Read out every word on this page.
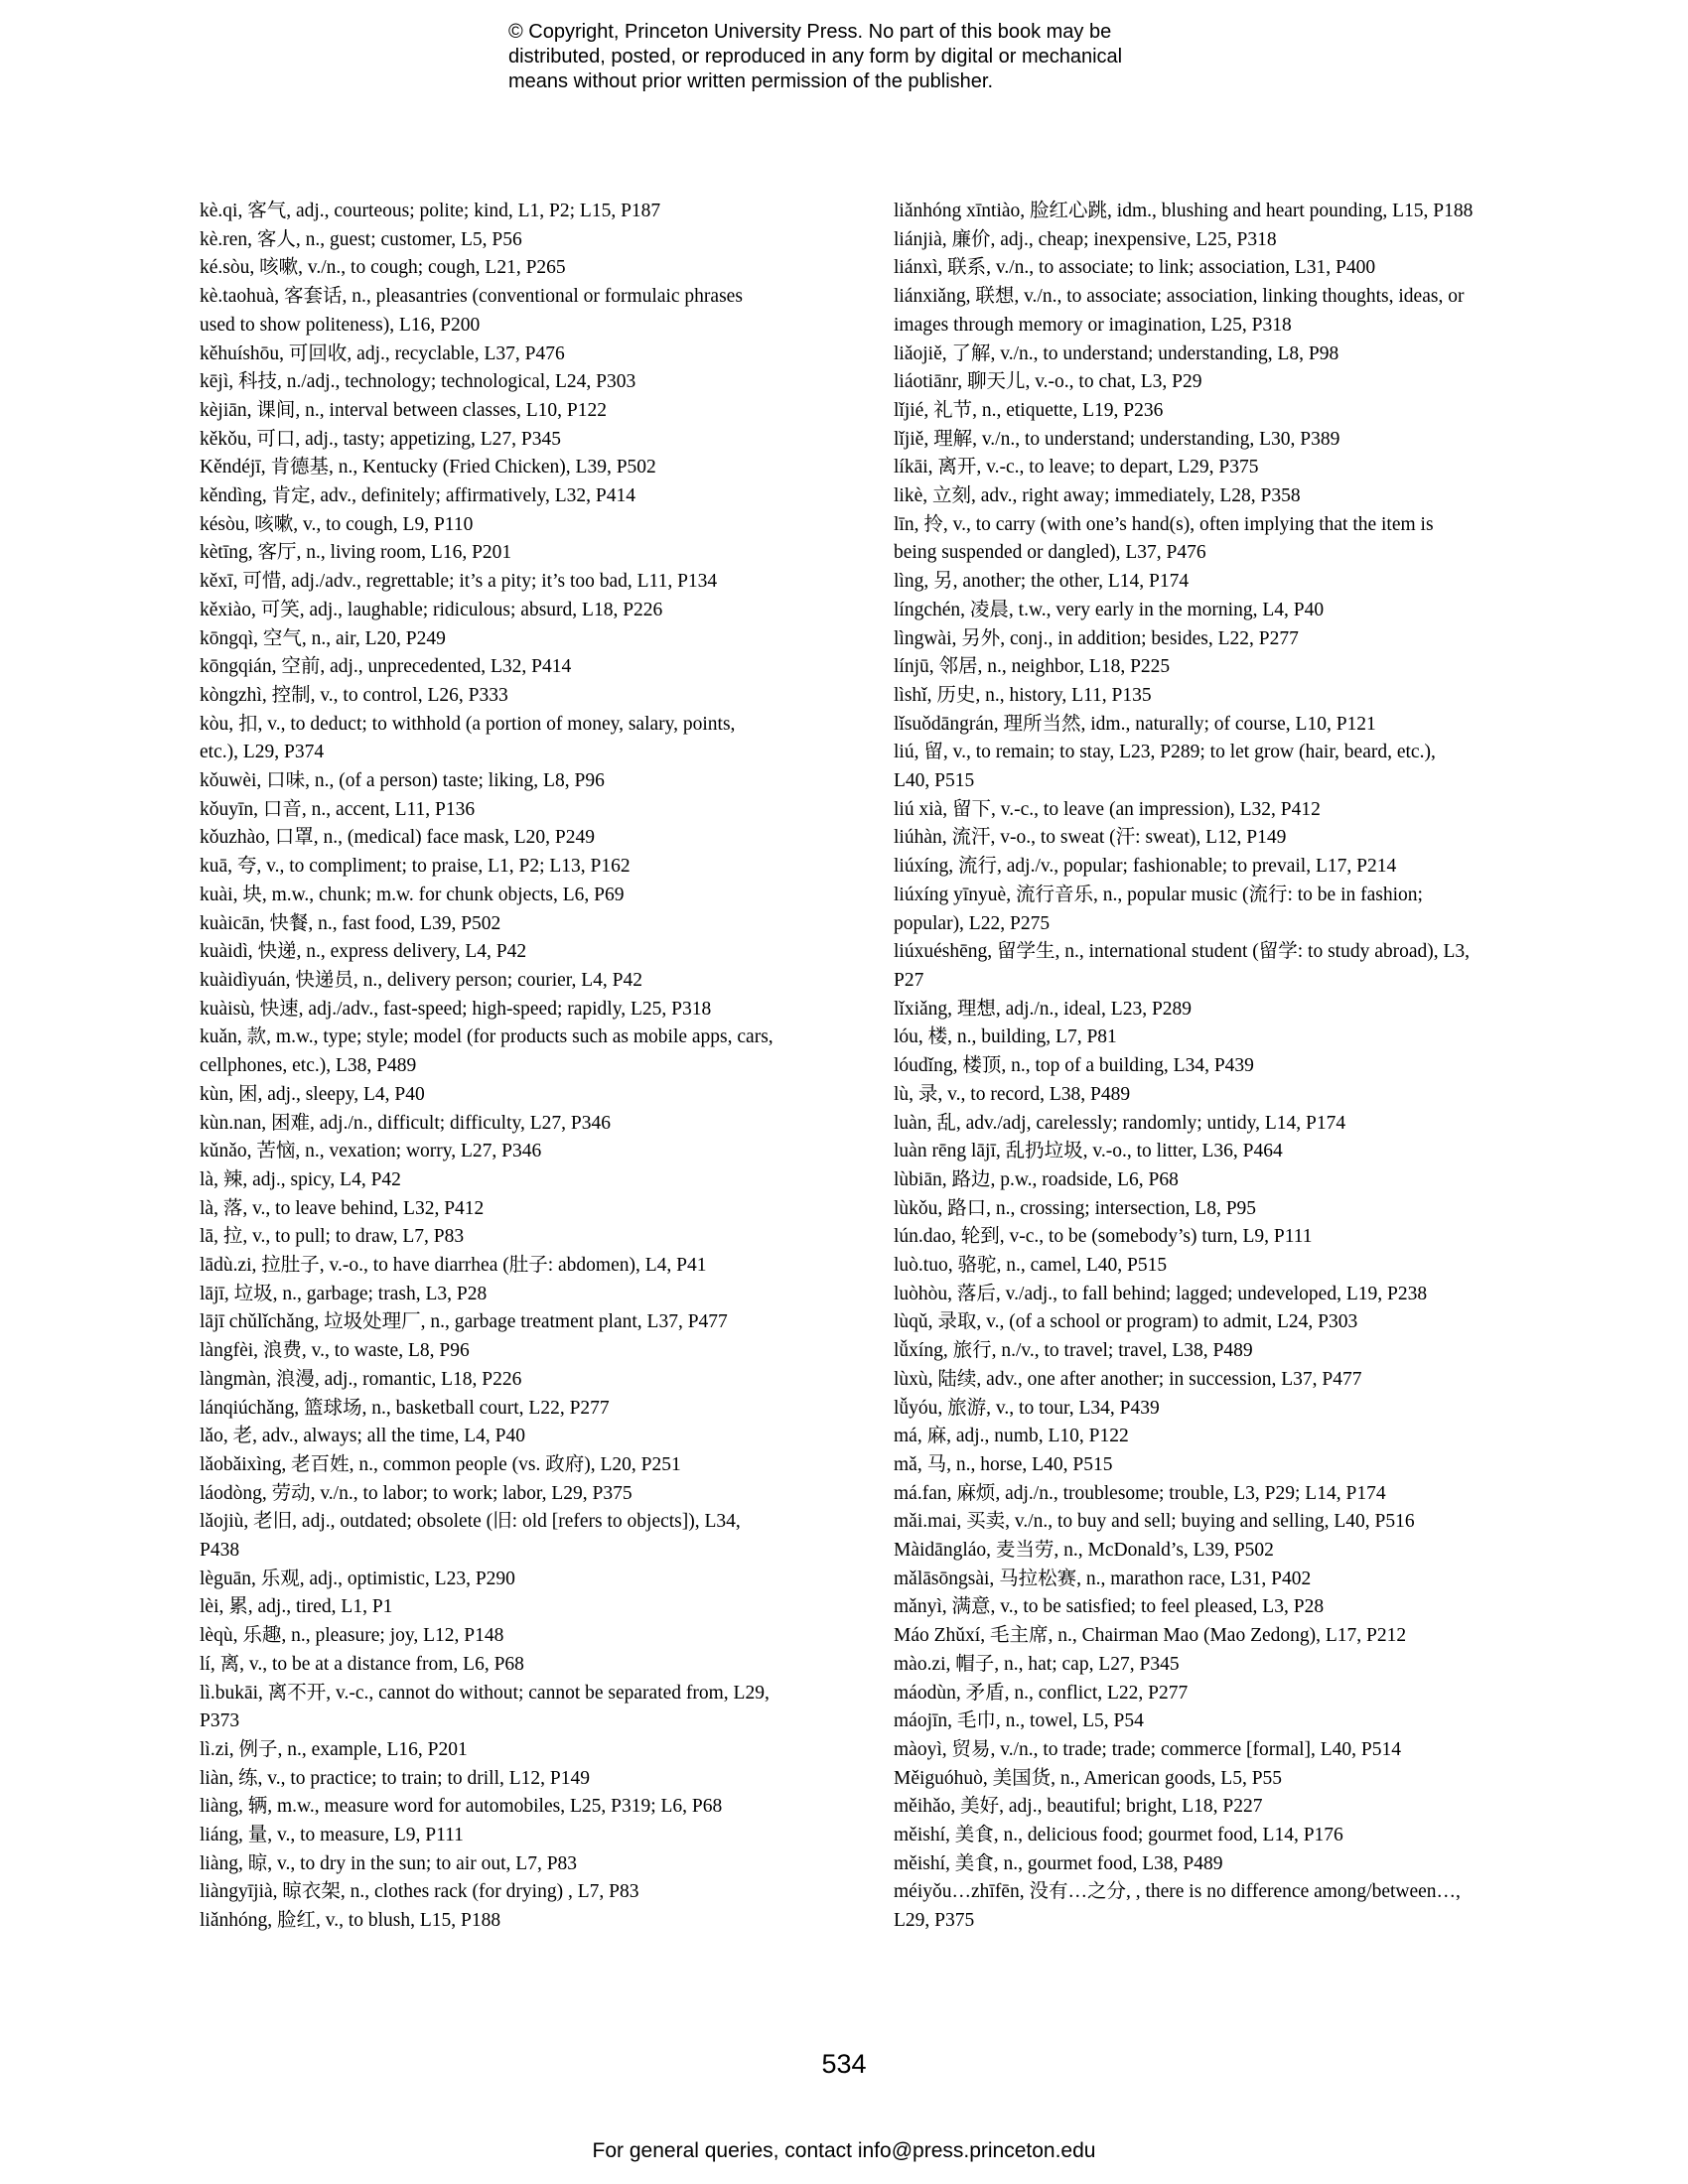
© Copyright, Princeton University Press. No part of this book may be

distributed, posted, or reproduced in any form by digital or mechanical

means without prior written permission of the publisher.

kè.qi, 客气, adj., courteous; polite; kind, L1, P2; L15, P187
kè.ren, 客人, n., guest; customer, L5, P56
ké.sòu, 咳嗽, v./n., to cough; cough, L21, P265
kè.taohuà, 客套话, n., pleasantries (conventional or formulaic phrases used to show politeness), L16, P200
kěhuíshōu, 可回收, adj., recyclable, L37, P476
kējì, 科技, n./adj., technology; technological, L24, P303
kèjiān, 课间, n., interval between classes, L10, P122
kěkǒu, 可口, adj., tasty; appetizing, L27, P345
Kěndéjī, 肯德基, n., Kentucky (Fried Chicken), L39, P502
kěndìng, 肯定, adv., definitely; affirmatively, L32, P414
késòu, 咳嗽, v., to cough, L9, P110
kètīng, 客厅, n., living room, L16, P201
kěxī, 可惜, adj./adv., regrettable; it’s a pity; it’s too bad, L11, P134
kěxiào, 可笑, adj., laughable; ridiculous; absurd, L18, P226
kōngqì, 空气, n., air, L20, P249
kōngqián, 空前, adj., unprecedented, L32, P414
kòngzhì, 控制, v., to control, L26, P333
kòu, 扣, v., to deduct; to withhold (a portion of money, salary, points, etc.), L29, P374
kǒuwèi, 口味, n., (of a person) taste; liking, L8, P96
kǒuyīn, 口音, n., accent, L11, P136
kǒuzhào, 口罩, n., (medical) face mask, L20, P249
kuā, 夸, v., to compliment; to praise, L1, P2; L13, P162
kuài, 块, m.w., chunk; m.w. for chunk objects, L6, P69
kuàicān, 快餐, n., fast food, L39, P502
kuàidì, 快递, n., express delivery, L4, P42
kuàidìyuán, 快递员, n., delivery person; courier, L4, P42
kuàisù, 快速, adj./adv., fast-speed; high-speed; rapidly, L25, P318
kuǎn, 款, m.w., type; style; model (for products such as mobile apps, cars, cellphones, etc.), L38, P489
kùn, 困, adj., sleepy, L4, P40
kùn.nan, 困难, adj./n., difficult; difficulty, L27, P346
kǔnǎo, 苦恼, n., vexation; worry, L27, P346
là, 辣, adj., spicy, L4, P42
là, 落, v., to leave behind, L32, P412
lā, 拉, v., to pull; to draw, L7, P83
lādù.zi, 拉肚子, v.-o., to have diarrhea (肚子: abdomen), L4, P41
lājī, 垃圾, n., garbage; trash, L3, P28
lājī chǔlǐchǎng, 垃圾处理厂, n., garbage treatment plant, L37, P477
làngfèi, 浪费, v., to waste, L8, P96
làngmàn, 浪漫, adj., romantic, L18, P226
lánqiúchǎng, 篮球场, n., basketball court, L22, P277
lǎo, 老, adv., always; all the time, L4, P40
lǎobǎixìng, 老百姓, n., common people (vs. 政府), L20, P251
láodòng, 劳动, v./n., to labor; to work; labor, L29, P375
lǎojiù, 老旧, adj., outdated; obsolete (旧: old [refers to objects]), L34, P438
lèguān, 乐观, adj., optimistic, L23, P290
lèi, 累, adj., tired, L1, P1
lèqù, 乐趣, n., pleasure; joy, L12, P148
lí, 离, v., to be at a distance from, L6, P68
lì.bukāi, 离不开, v.-c., cannot do without; cannot be separated from, L29, P373
lì.zi, 例子, n., example, L16, P201
liàn, 练, v., to practice; to train; to drill, L12, P149
liàng, 辆, m.w., measure word for automobiles, L25, P319; L6, P68
liáng, 量, v., to measure, L9, P111
liàng, 晾, v., to dry in the sun; to air out, L7, P83
liàngyījià, 晾衣架, n., clothes rack (for drying) , L7, P83
liǎnhóng, 脸红, v., to blush, L15, P188
liǎnhóng xīntiào, 脸红心跳, idm., blushing and heart pounding, L15, P188
liánjià, 廉价, adj., cheap; inexpensive, L25, P318
liánxì, 联系, v./n., to associate; to link; association, L31, P400
liánxiǎng, 联想, v./n., to associate; association, linking thoughts, ideas, or images through memory or imagination, L25, P318
liǎojiě, 了解, v./n., to understand; understanding, L8, P98
liáotiānr, 聊天儿, v.-o., to chat, L3, P29
lǐjié, 礼节, n., etiquette, L19, P236
lǐjiě, 理解, v./n., to understand; understanding, L30, P389
líkāi, 离开, v.-c., to leave; to depart, L29, P375
likè, 立刻, adv., right away; immediately, L28, P358
līn, 拎, v., to carry (with one’s hand(s), often implying that the item is being suspended or dangled), L37, P476
lìng, 另, another; the other, L14, P174
língchén, 凌晨, t.w., very early in the morning, L4, P40
lìngwài, 另外, conj., in addition; besides, L22, P277
línjū, 邻居, n., neighbor, L18, P225
lìshǐ, 历史, n., history, L11, P135
lǐsuǒdāngrán, 理所当然, idm., naturally; of course, L10, P121
liú, 留, v., to remain; to stay, L23, P289; to let grow (hair, beard, etc.), L40, P515
liú xià, 留下, v.-c., to leave (an impression), L32, P412
liúhàn, 流汗, v-o., to sweat (汗: sweat), L12, P149
liúxíng, 流行, adj./v., popular; fashionable; to prevail, L17, P214
liúxíng yīnyuè, 流行音乐, n., popular music (流行: to be in fashion; popular), L22, P275
liúxuéshēng, 留学生, n., international student (留学: to study abroad), L3, P27
lǐxiǎng, 理想, adj./n., ideal, L23, P289
lóu, 楼, n., building, L7, P81
lóudǐng, 楼顶, n., top of a building, L34, P439
lù, 录, v., to record, L38, P489
luàn, 乱, adv./adj, carelessly; randomly; untidy, L14, P174
luàn rēng lājī, 乱扔垃圾, v.-o., to litter, L36, P464
lùbiān, 路边, p.w., roadside, L6, P68
lùkǒu, 路口, n., crossing; intersection, L8, P95
lún.dao, 轮到, v-c., to be (somebody’s) turn, L9, P111
luò.tuo, 骆驼, n., camel, L40, P515
luòhòu, 落后, v./adj., to fall behind; lagged; undeveloped, L19, P238
lùqǔ, 录取, v., (of a school or program) to admit, L24, P303
lǚxíng, 旅行, n./v., to travel; travel, L38, P489
lùxù, 陆续, adv., one after another; in succession, L37, P477
lǚyóu, 旅游, v., to tour, L34, P439
má, 麻, adj., numb, L10, P122
mǎ, 马, n., horse, L40, P515
má.fan, 麻烦, adj./n., troublesome; trouble, L3, P29; L14, P174
mǎi.mai, 买卖, v./n., to buy and sell; buying and selling, L40, P516
Màidāngláo, 麦当劳, n., McDonald’s, L39, P502
mǎlāsōngsài, 马拉松赛, n., marathon race, L31, P402
mǎnyì, 满意, v., to be satisfied; to feel pleased, L3, P28
Máo Zhǔxí, 毛主席, n., Chairman Mao (Mao Zedong), L17, P212
mào.zi, 帽子, n., hat; cap, L27, P345
máodùn, 矛盾, n., conflict, L22, P277
máojīn, 毛巾, n., towel, L5, P54
màoyì, 贸易, v./n., to trade; trade; commerce [formal], L40, P514
Měiguóhuò, 美国货, n., American goods, L5, P55
měihǎo, 美好, adj., beautiful; bright, L18, P227
měishí, 美食, n., delicious food; gourmet food, L14, P176
měishí, 美食, n., gourmet food, L38, P489
méiyǒu…zhīfēn, 没有…之分, , there is no difference among/between…, L29, P375
534
For general queries, contact info@press.princeton.edu
